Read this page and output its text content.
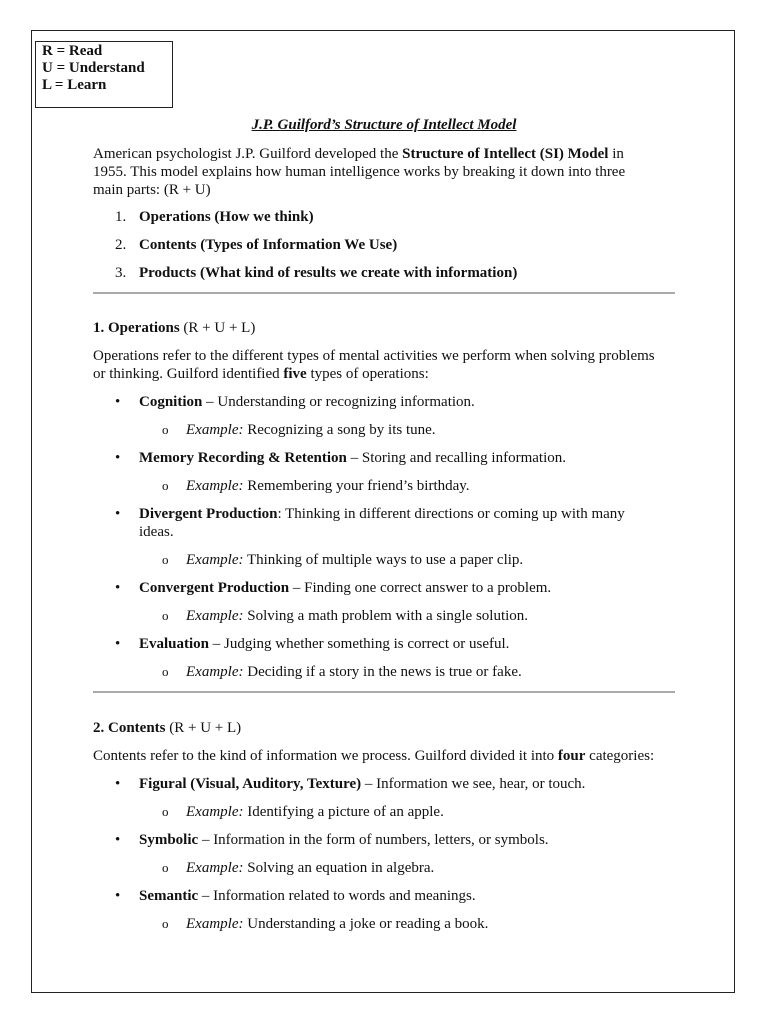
R = Read
U = Understand
L = Learn
J.P. Guilford’s Structure of Intellect Model
American psychologist J.P. Guilford developed the Structure of Intellect (SI) Model in
1955. This model explains how human intelligence works by breaking it down into three
main parts: (R + U)
1. Operations (How we think)
2. Contents (Types of Information We Use)
3. Products (What kind of results we create with information)
1. Operations (R + U + L)
Operations refer to the different types of mental activities we perform when solving problems
or thinking. Guilford identified five types of operations:
• Cognition – Understanding or recognizing information.
o Example: Recognizing a song by its tune.
• Memory Recording & Retention – Storing and recalling information.
o Example: Remembering your friend’s birthday.
• Divergent Production: Thinking in different directions or coming up with many
ideas.
o Example: Thinking of multiple ways to use a paper clip.
• Convergent Production – Finding one correct answer to a problem.
o Example: Solving a math problem with a single solution.
• Evaluation – Judging whether something is correct or useful.
o Example: Deciding if a story in the news is true or fake.
2. Contents (R + U + L)
Contents refer to the kind of information we process. Guilford divided it into four categories:
• Figural (Visual, Auditory, Texture) – Information we see, hear, or touch.
o Example: Identifying a picture of an apple.
• Symbolic – Information in the form of numbers, letters, or symbols.
o Example: Solving an equation in algebra.
• Semantic – Information related to words and meanings.
o Example: Understanding a joke or reading a book.
